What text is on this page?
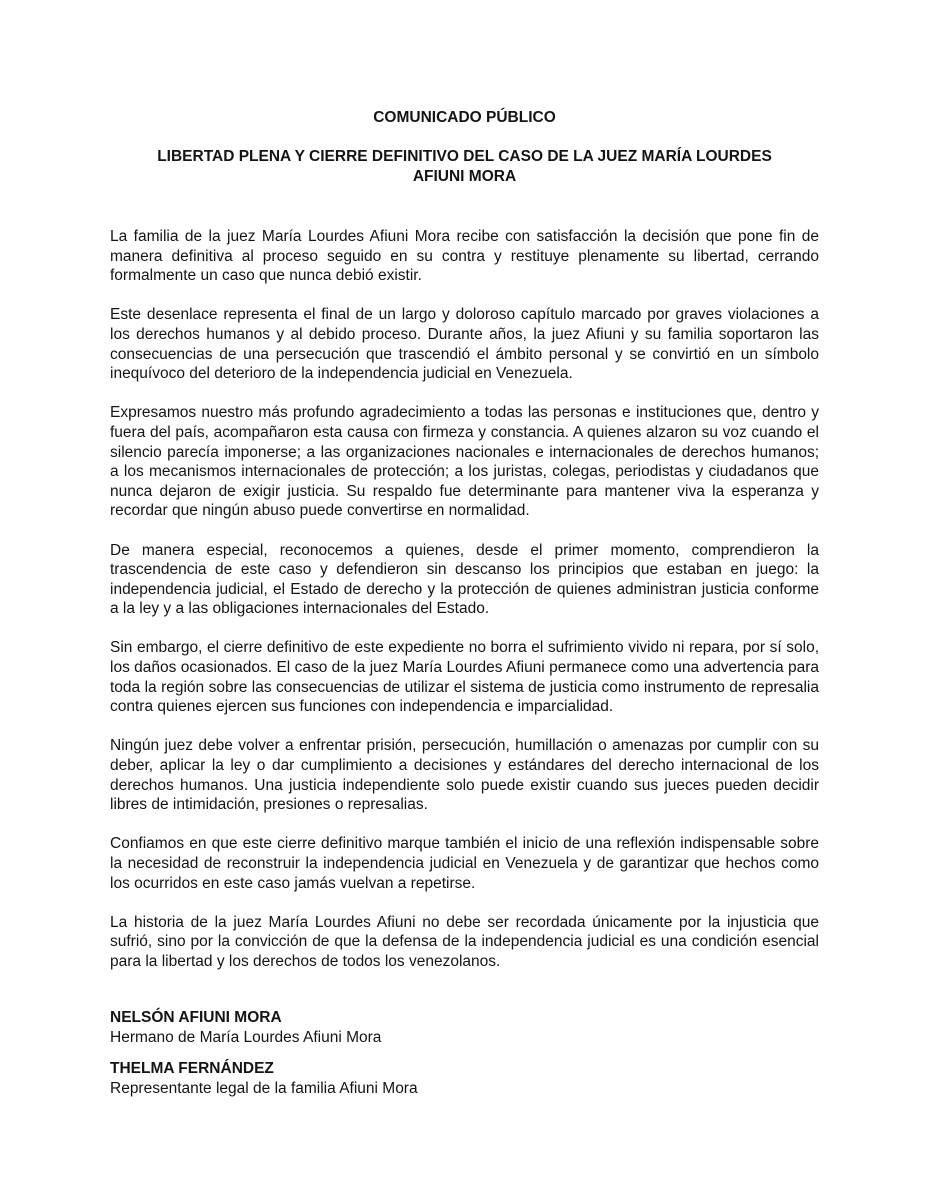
COMUNICADO PÚBLICO
LIBERTAD PLENA Y CIERRE DEFINITIVO DEL CASO DE LA JUEZ MARÍA LOURDES AFIUNI MORA

La familia de la juez María Lourdes Afiuni Mora recibe con satisfacción la decisión que pone fin de manera definitiva al proceso seguido en su contra y restituye plenamente su libertad, cerrando formalmente un caso que nunca debió existir.

Este desenlace representa el final de un largo y doloroso capítulo marcado por graves violaciones a los derechos humanos y al debido proceso. Durante años, la juez Afiuni y su familia soportaron las consecuencias de una persecución que trascendió el ámbito personal y se convirtió en un símbolo inequívoco del deterioro de la independencia judicial en Venezuela.

Expresamos nuestro más profundo agradecimiento a todas las personas e instituciones que, dentro y fuera del país, acompañaron esta causa con firmeza y constancia. A quienes alzaron su voz cuando el silencio parecía imponerse; a las organizaciones nacionales e internacionales de derechos humanos; a los mecanismos internacionales de protección; a los juristas, colegas, periodistas y ciudadanos que nunca dejaron de exigir justicia. Su respaldo fue determinante para mantener viva la esperanza y recordar que ningún abuso puede convertirse en normalidad.

De manera especial, reconocemos a quienes, desde el primer momento, comprendieron la trascendencia de este caso y defendieron sin descanso los principios que estaban en juego: la independencia judicial, el Estado de derecho y la protección de quienes administran justicia conforme a la ley y a las obligaciones internacionales del Estado.

Sin embargo, el cierre definitivo de este expediente no borra el sufrimiento vivido ni repara, por sí solo, los daños ocasionados. El caso de la juez María Lourdes Afiuni permanece como una advertencia para toda la región sobre las consecuencias de utilizar el sistema de justicia como instrumento de represalia contra quienes ejercen sus funciones con independencia e imparcialidad.

Ningún juez debe volver a enfrentar prisión, persecución, humillación o amenazas por cumplir con su deber, aplicar la ley o dar cumplimiento a decisiones y estándares del derecho internacional de los derechos humanos. Una justicia independiente solo puede existir cuando sus jueces pueden decidir libres de intimidación, presiones o represalias.

Confiamos en que este cierre definitivo marque también el inicio de una reflexión indispensable sobre la necesidad de reconstruir la independencia judicial en Venezuela y de garantizar que hechos como los ocurridos en este caso jamás vuelvan a repetirse.

La historia de la juez María Lourdes Afiuni no debe ser recordada únicamente por la injusticia que sufrió, sino por la convicción de que la defensa de la independencia judicial es una condición esencial para la libertad y los derechos de todos los venezolanos.

NELSÓN AFIUNI MORA
Hermano de María Lourdes Afiuni Mora
THELMA FERNÁNDEZ
Representante legal de la familia Afiuni Mora
